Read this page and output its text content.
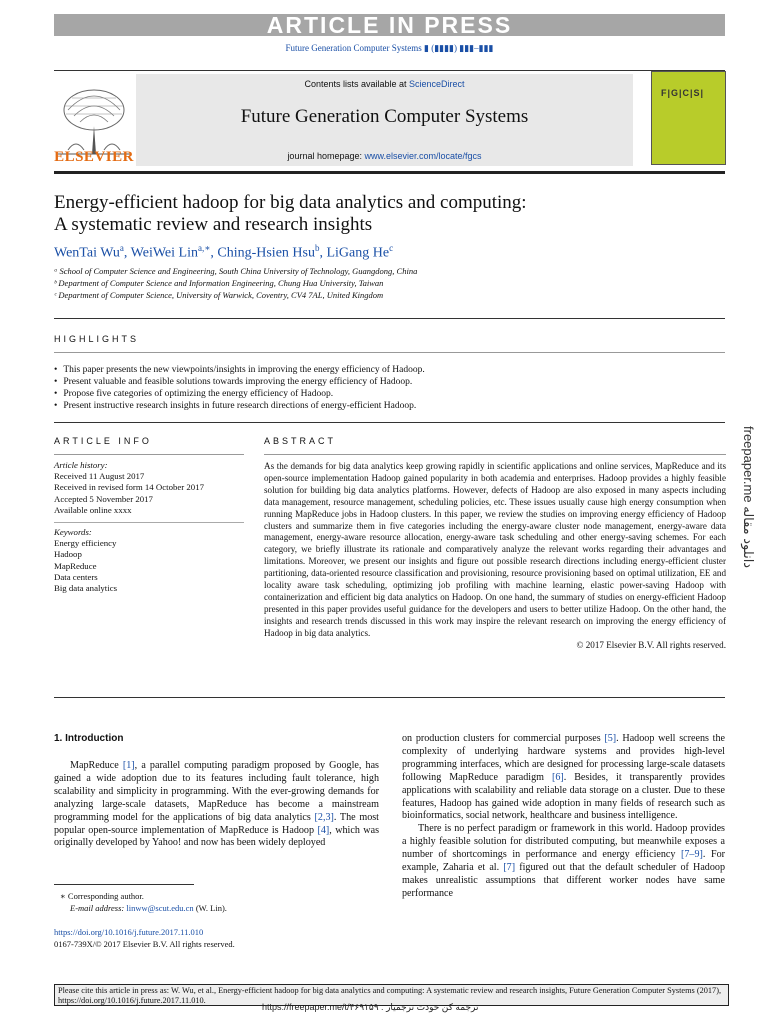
ARTICLE IN PRESS
Future Generation Computer Systems ▮ (▮▮▮▮) ▮▮▮–▮▮▮
ELSEVIER
Contents lists available at ScienceDirect
Future Generation Computer Systems
journal homepage: www.elsevier.com/locate/fgcs
F|G|C|S|
Energy-efficient hadoop for big data analytics and computing:
A systematic review and research insights
WenTai Wu$^a$, WeiWei Lin$^{a,∗}$, Ching-Hsien Hsu$^b$, LiGang He$^c$
ᵃ School of Computer Science and Engineering, South China University of Technology, Guangdong, China
ᵇ Department of Computer Science and Information Engineering, Chung Hua University, Taiwan
ᶜ Department of Computer Science, University of Warwick, Coventry, CV4 7AL, United Kingdom
HIGHLIGHTS
• This paper presents the new viewpoints/insights in improving the energy efficiency of Hadoop.
• Present valuable and feasible solutions towards improving the energy efficiency of Hadoop.
• Propose five categories of optimizing the energy efficiency of Hadoop.
• Present instructive research insights in future research directions of energy-efficient Hadoop.
ARTICLE INFO
Article history:
Received 11 August 2017
Received in revised form 14 October 2017
Accepted 5 November 2017
Available online xxxx
Keywords:
Energy efficiency
Hadoop
MapReduce
Data centers
Big data analytics
ABSTRACT
As the demands for big data analytics keep growing rapidly in scientific applications and online services, MapReduce and its open-source implementation Hadoop gained popularity in both academia and enterprises. Hadoop provides a highly feasible solution for building big data analytics platforms. However, defects of Hadoop are also exposed in many aspects including data management, resource management, scheduling policies, etc. These issues usually cause high energy consumption when running MapReduce jobs in Hadoop clusters. In this paper, we review the studies on improving energy efficiency of Hadoop clusters and summarize them in five categories including the energy-aware cluster node management, energy-aware data management, energy-aware resource allocation, energy-aware task scheduling and other energy-saving schemes. For each category, we briefly illustrate its rationale and comparatively analyze the relevant works regarding their advantages and limitations. Moreover, we present our insights and figure out possible research directions including energy-efficient cluster partitioning, data-oriented resource classification and provisioning, resource provisioning based on optimal utilization, EE and locality aware task scheduling, optimizing job profiling with machine learning, elastic power-saving Hadoop with containerization and efficient big data analytics on Hadoop. On one hand, the summary of studies on energy-efficient Hadoop presented in this paper provides useful guidance for the developers and users to better utilize Hadoop. On the other hand, the insights and research trends discussed in this work may inspire the relevant research on improving the energy efficiency of Hadoop in big data analytics.
© 2017 Elsevier B.V. All rights reserved.
1. Introduction
MapReduce [1], a parallel computing paradigm proposed by Google, has gained a wide adoption due to its features including fault tolerance, high scalability and simplicity in programming. With the ever-growing demands for analyzing large-scale datasets, MapReduce has become a mainstream programming model for the applications of big data analytics [2,3]. The most popular open-source implementation of MapReduce is Hadoop [4], which was originally developed by Yahoo! and now has been widely deployed

on production clusters for commercial purposes [5]. Hadoop well screens the complexity of underlying hardware systems and provides high-level programming interfaces, which are designed for processing large-scale datasets following MapReduce paradigm [6]. Besides, it transparently provides applications with scalability and reliable data storage on a cluster. Due to these features, Hadoop has gained wide adoption in many fields of research such as bioinformatics, social network, healthcare and business intelligence.

There is no perfect paradigm or framework in this world. Hadoop provides a highly feasible solution for distributed computing, but meanwhile exposes a number of shortcomings in performance and energy efficiency [7–9]. For example, Zaharia et al. [7] figured out that the default scheduler of Hadoop makes unrealistic assumptions that different worker nodes have same performance

∗ Corresponding author.
E-mail address: linww@scut.edu.cn (W. Lin).
https://doi.org/10.1016/j.future.2017.11.010
0167-739X/© 2017 Elsevier B.V. All rights reserved.
Please cite this article in press as: W. Wu, et al., Energy-efficient hadoop for big data analytics and computing: A systematic review and research insights, Future Generation Computer Systems (2017), https://doi.org/10.1016/j.future.2017.11.010.
https://freepaper.me/t/۴۶۹۱۵۹ : ترجمه کن خودت ترجمیار
freepaper.me دانلود مقاله
